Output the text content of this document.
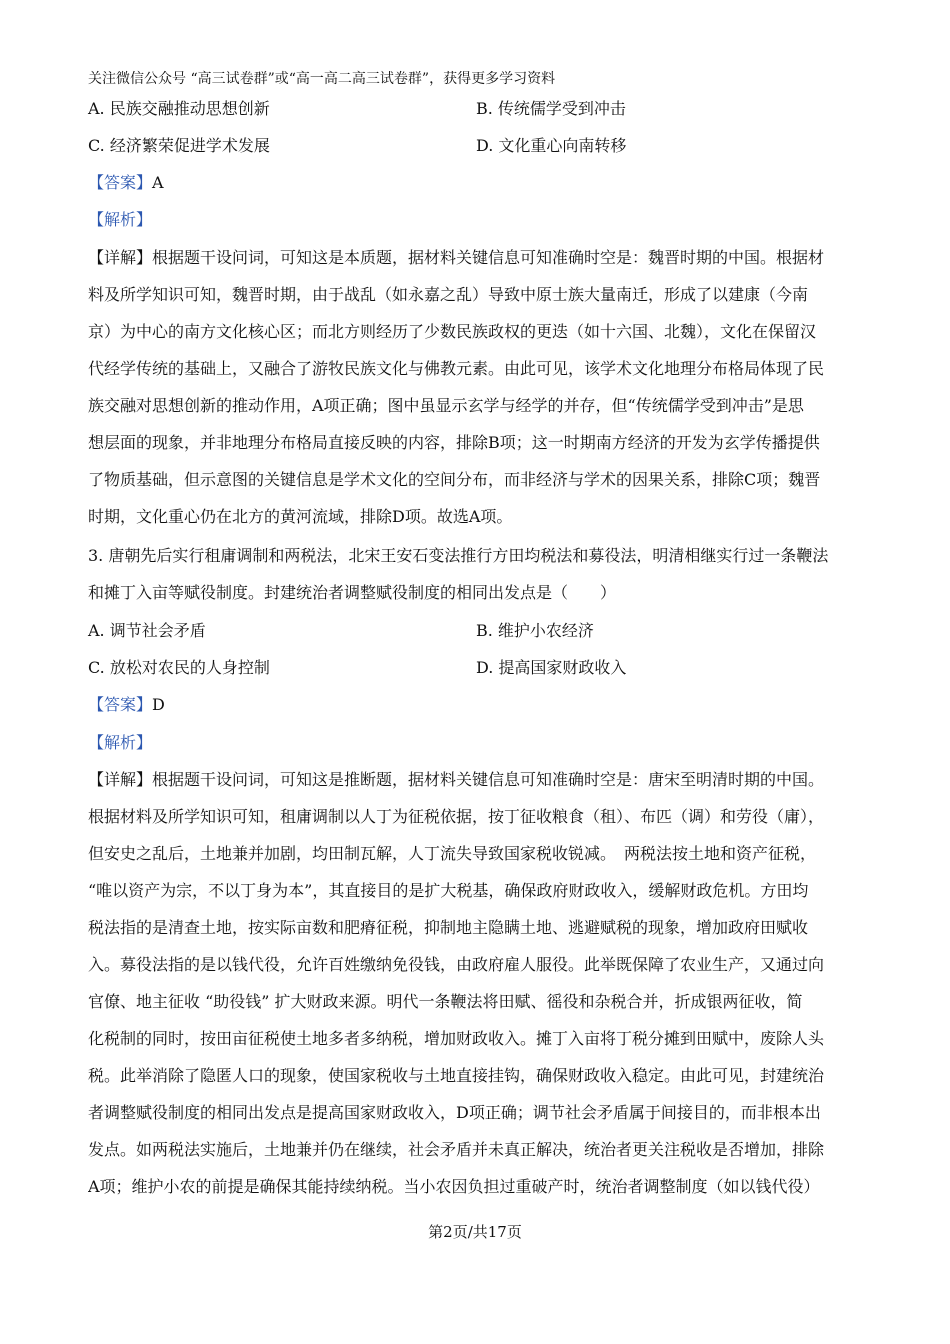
关注微信公众号 “高三试卷群”或“高一高二高三试卷群”，获得更多学习资料
A. 民族交融推动思想创新	B. 传统儒学受到冲击
C. 经济繁荣促进学术发展	D. 文化重心向南转移
【答案】A
【解析】
【详解】根据题干设问词，可知这是本质题，据材料关键信息可知准确时空是：魏晋时期的中国。根据材
料及所学知识可知，魏晋时期，由于战乱（如永嘉之乱）导致中原士族大量南迁，形成了以建康（今南
京）为中心的南方文化核心区；而北方则经历了少数民族政权的更迭（如十六国、北魏），文化在保留汉
代经学传统的基础上，又融合了游牧民族文化与佛教元素。由此可见，该学术文化地理分布格局体现了民
族交融对思想创新的推动作用，A项正确；图中虽显示玄学与经学的并存，但“传统儒学受到冲击”是思
想层面的现象，并非地理分布格局直接反映的内容，排除B项；这一时期南方经济的开发为玄学传播提供
了物质基础，但示意图的关键信息是学术文化的空间分布，而非经济与学术的因果关系，排除C项；魏晋
时期，文化重心仍在北方的黄河流域，排除D项。故选A项。
3. 唐朝先后实行租庸调制和两税法，北宋王安石变法推行方田均税法和募役法，明清相继实行过一条鞭法
和摊丁入亩等赋役制度。封建统治者调整赋役制度的相同出发点是（　　）
A. 调节社会矛盾	B. 维护小农经济
C. 放松对农民的人身控制	D. 提高国家财政收入
【答案】D
【解析】
【详解】根据题干设问词，可知这是推断题，据材料关键信息可知准确时空是：唐宋至明清时期的中国。
根据材料及所学知识可知，租庸调制以人丁为征税依据，按丁征收粮食（租）、布匹（调）和劳役（庸），
但安史之乱后，土地兼并加剧，均田制瓦解，人丁流失导致国家税收锐减。　两税法按土地和资产征税，
“唯以资产为宗，不以丁身为本”，其直接目的是扩大税基，确保政府财政收入，缓解财政危机。方田均
税法指的是清查土地，按实际亩数和肥瘠征税，抑制地主隐瞒土地、逃避赋税的现象，增加政府田赋收
入。募役法指的是以钱代役，允许百姓缴纳免役钱，由政府雇人服役。此举既保障了农业生产，又通过向
官僚、地主征收 “助役钱” 扩大财政来源。明代一条鞭法将田赋、徭役和杂税合并，折成银两征收，简
化税制的同时，按田亩征税使土地多者多纳税，增加财政收入。摊丁入亩将丁税分摊到田赋中，废除人头
税。此举消除了隐匿人口的现象，使国家税收与土地直接挂钩，确保财政收入稳定。由此可见，封建统治
者调整赋役制度的相同出发点是提高国家财政收入，D项正确；调节社会矛盾属于间接目的，而非根本出
发点。如两税法实施后，土地兼并仍在继续，社会矛盾并未真正解决，统治者更关注税收是否增加，排除
A项；维护小农的前提是确保其能持续纳税。当小农因负担过重破产时，统治者调整制度（如以钱代役）
第2页/共17页
